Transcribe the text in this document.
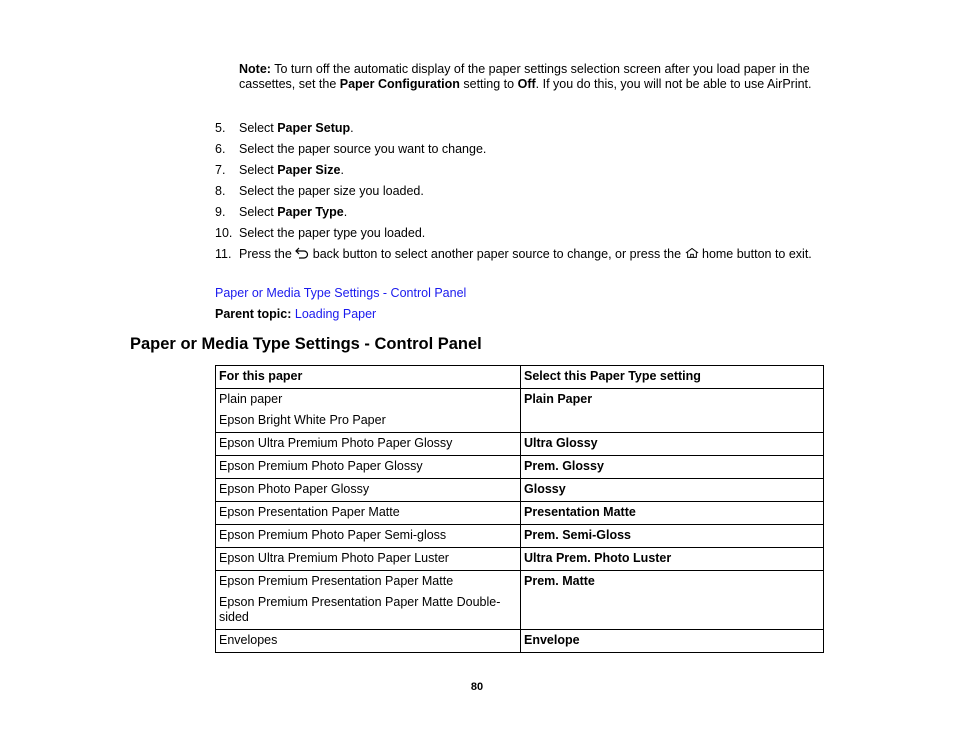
Note: To turn off the automatic display of the paper settings selection screen after you load paper in the cassettes, set the Paper Configuration setting to Off. If you do this, you will not be able to use AirPrint.
5.	Select Paper Setup.
6.	Select the paper source you want to change.
7.	Select Paper Size.
8.	Select the paper size you loaded.
9.	Select Paper Type.
10. Select the paper type you loaded.
11. Press the  back button to select another paper source to change, or press the  home button to exit.
Paper or Media Type Settings - Control Panel
Parent topic: Loading Paper
Paper or Media Type Settings - Control Panel
For this paper	Select this Paper Type setting
Plain paper
Epson Bright White Pro Paper	Plain Paper
Epson Ultra Premium Photo Paper Glossy	Ultra Glossy
Epson Premium Photo Paper Glossy	Prem. Glossy
Epson Photo Paper Glossy	Glossy
Epson Presentation Paper Matte	Presentation Matte
Epson Premium Photo Paper Semi-gloss	Prem. Semi-Gloss
Epson Ultra Premium Photo Paper Luster	Ultra Prem. Photo Luster
Epson Premium Presentation Paper Matte
Epson Premium Presentation Paper Matte Double-sided	Prem. Matte
Envelopes	Envelope
80
